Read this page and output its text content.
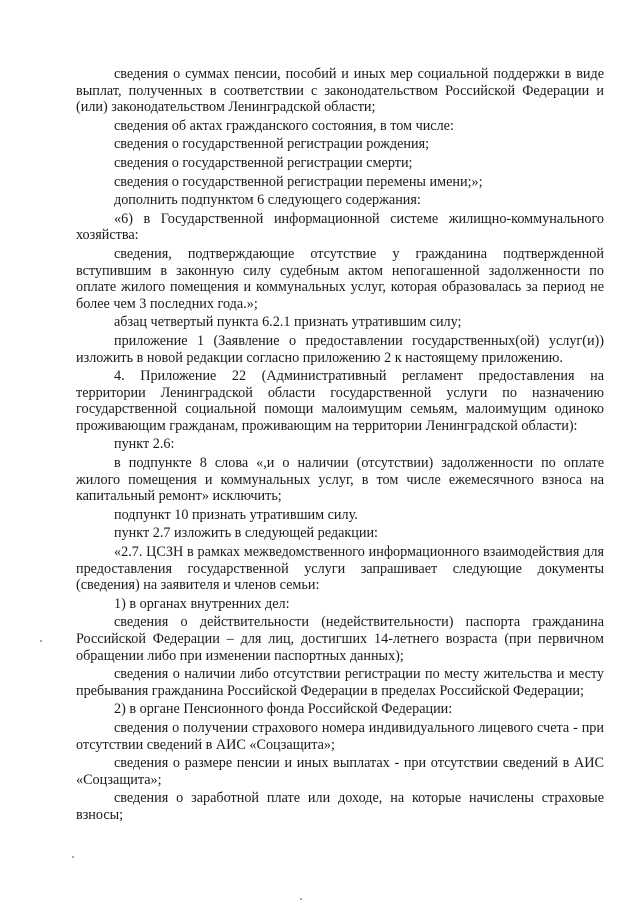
сведения о суммах пенсии, пособий и иных мер социальной поддержки в виде выплат, полученных в соответствии с законодательством Российской Федерации и (или) законодательством Ленинградской области;

сведения об актах гражданского состояния, в том числе:

сведения о государственной регистрации рождения;

сведения о государственной регистрации смерти;

сведения о государственной регистрации перемены имени;»;

дополнить подпунктом 6 следующего содержания:

«6) в Государственной информационной системе жилищно-коммунального хозяйства:

сведения, подтверждающие отсутствие у гражданина подтвержденной вступившим в законную силу судебным актом непогашенной задолженности по оплате жилого помещения и коммунальных услуг, которая образовалась за период не более чем 3 последних года.»;

абзац четвертый пункта 6.2.1 признать утратившим силу;

приложение 1 (Заявление о предоставлении государственных(ой) услуг(и)) изложить в новой редакции согласно приложению 2 к настоящему приложению.

4. Приложение 22 (Административный регламент предоставления на территории Ленинградской области государственной услуги по назначению государственной социальной помощи малоимущим семьям, малоимущим одиноко проживающим гражданам, проживающим на территории Ленинградской области):

пункт 2.6:

в подпункте 8 слова «,и о наличии (отсутствии) задолженности по оплате жилого помещения и коммунальных услуг, в том числе ежемесячного взноса на капитальный ремонт» исключить;

подпункт 10 признать утратившим силу.

пункт 2.7 изложить в следующей редакции:

«2.7. ЦСЗН в рамках межведомственного информационного взаимодействия для предоставления государственной услуги запрашивает следующие документы (сведения) на заявителя и членов семьи:

1) в органах внутренних дел:

сведения о действительности (недействительности) паспорта гражданина Российской Федерации – для лиц, достигших 14-летнего возраста (при первичном обращении либо при изменении паспортных данных);

сведения о наличии либо отсутствии регистрации по месту жительства и месту пребывания гражданина Российской Федерации в пределах Российской Федерации;

2) в органе Пенсионного фонда Российской Федерации:

сведения о получении страхового номера индивидуального лицевого счета - при отсутствии сведений в АИС «Соцзащита»;

сведения о размере пенсии и иных выплатах - при отсутствии сведений в АИС «Соцзащита»;

сведения о заработной плате или доходе, на которые начислены страховые взносы;
